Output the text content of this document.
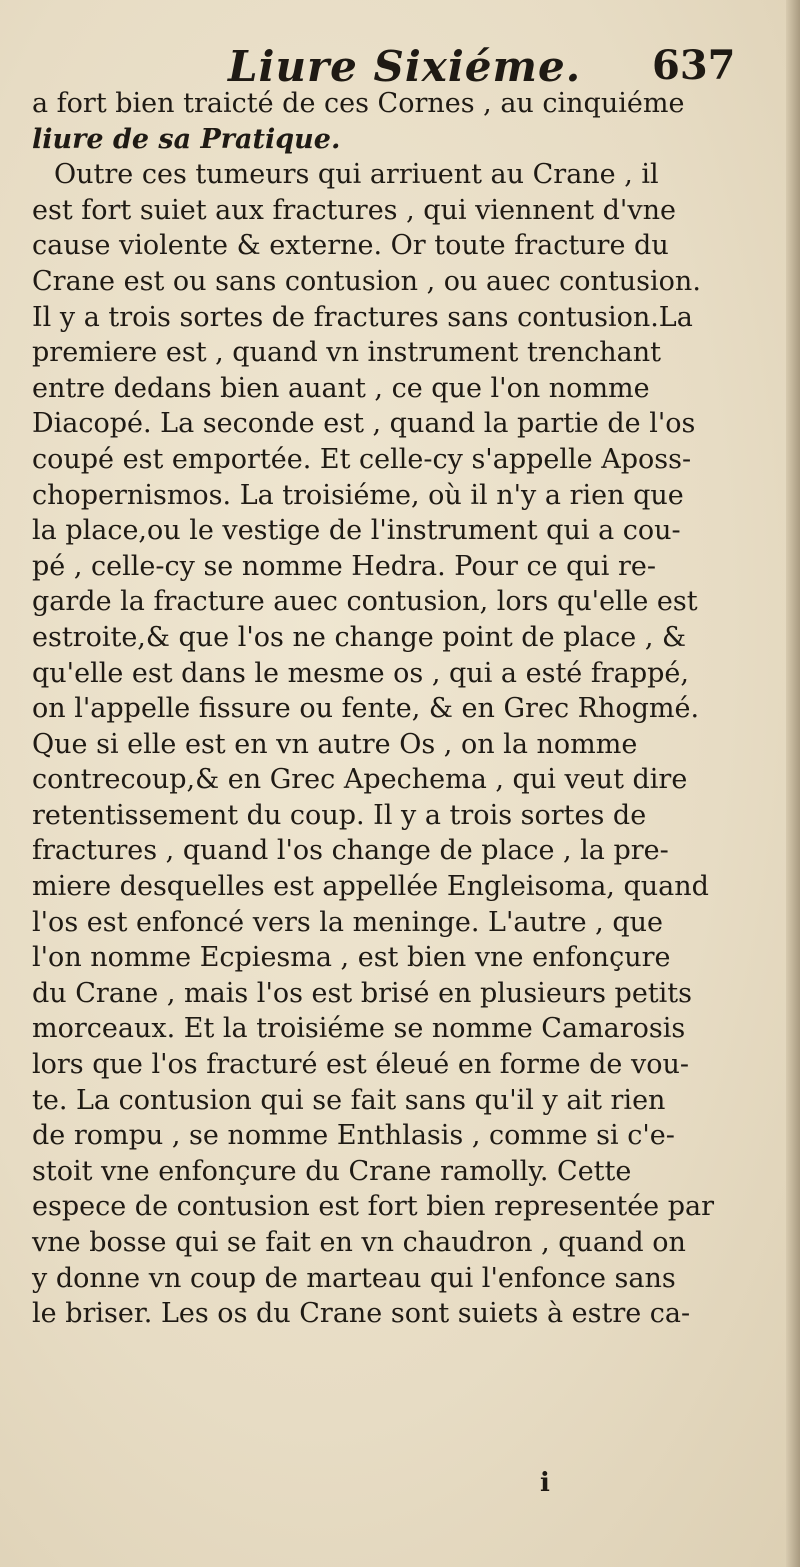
Liure Sixiéme. 637
a fort bien traicté de ces Cornes , au cinquiéme
liure de sa Pratique.
Outre ces tumeurs qui arriuent au Crane , il
est fort suiet aux fractures , qui viennent d'vne
cause violente & externe. Or toute fracture du
Crane est ou sans contusion , ou auec contusion.
Il y a trois sortes de fractures sans contusion.La
premiere est , quand vn instrument trenchant
entre dedans bien auant , ce que l'on nomme
Diacopé. La seconde est , quand la partie de l'os
coupé est emportée. Et celle-cy s'appelle Aposs-
chopernismos. La troisiéme, où il n'y a rien que
la place,ou le vestige de l'instrument qui a cou-
pé , celle-cy se nomme Hedra. Pour ce qui re-
garde la fracture auec contusion, lors qu'elle est
estroite,& que l'os ne change point de place , &
qu'elle est dans le mesme os , qui a esté frappé,
on l'appelle fissure ou fente, & en Grec Rhogmé.
Que si elle est en vn autre Os , on la nomme
contrecoup,& en Grec Apechema , qui veut dire
retentissement du coup. Il y a trois sortes de
fractures , quand l'os change de place , la pre-
miere desquelles est appellée Engleisoma, quand
l'os est enfoncé vers la meninge. L'autre , que
l'on nomme Ecpiesma , est bien vne enfonçure
du Crane , mais l'os est brisé en plusieurs petits
morceaux. Et la troisiéme se nomme Camarosis
lors que l'os fracturé est éleué en forme de vou-
te. La contusion qui se fait sans qu'il y ait rien
de rompu , se nomme Enthlasis , comme si c'e-
stoit vne enfonçure du Crane ramolly. Cette
espece de contusion est fort bien representée par
vne bosse qui se fait en vn chaudron , quand on
y donne vn coup de marteau qui l'enfonce sans
le briser. Les os du Crane sont suiets à estre ca-
i
